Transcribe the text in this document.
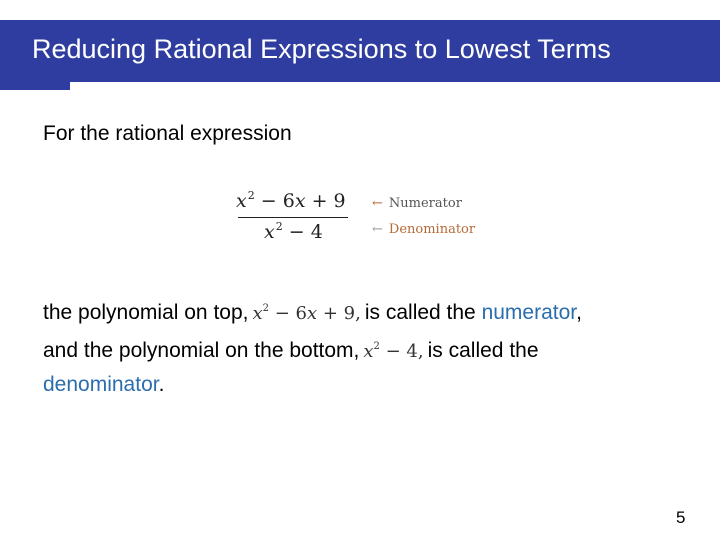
Reducing Rational Expressions to Lowest Terms
For the rational expression
$x^2 - 6x + 9$
$x^2 - 4$
← Numerator
← Denominator
the polynomial on top, $x^2 - 6x + 9$, is called the numerator,
and the polynomial on the bottom, $x^2 - 4$, is called the
denominator.
5
